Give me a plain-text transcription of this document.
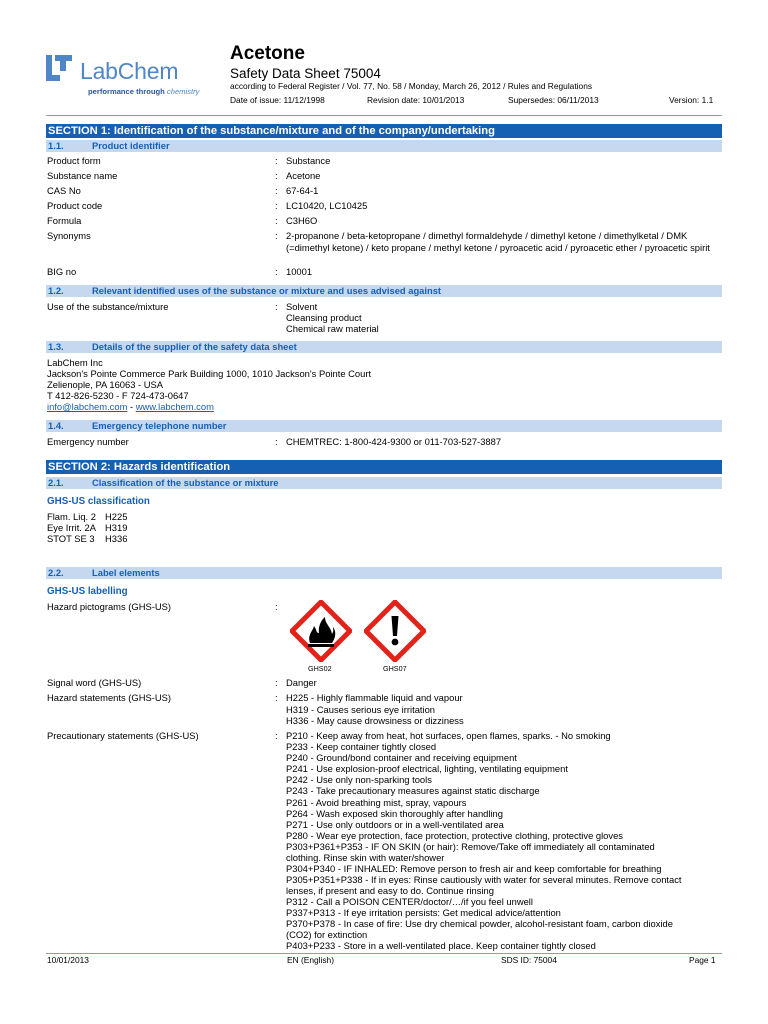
LabChem
performance through chemistry
Acetone
Safety Data Sheet 75004
according to Federal Register / Vol. 77, No. 58 / Monday, March 26, 2012 / Rules and Regulations
Date of issue: 11/12/1998	Revision date: 10/01/2013	Supersedes: 06/11/2013	Version: 1.1
SECTION 1: Identification of the substance/mixture and of the company/undertaking
1.1.	Product identifier
Product form	: Substance
Substance name	: Acetone
CAS No	: 67-64-1
Product code	: LC10420, LC10425
Formula	: C3H6O
Synonyms	: 2-propanone / beta-ketopropane / dimethyl formaldehyde / dimethyl ketone / dimethylketal / DMK (=dimethyl ketone) / keto propane / methyl ketone / pyroacetic acid / pyroacetic ether / pyroacetic spirit
BIG no	: 10001
1.2.	Relevant identified uses of the substance or mixture and uses advised against
Use of the substance/mixture	: Solvent
Cleansing product
Chemical raw material
1.3.	Details of the supplier of the safety data sheet
LabChem Inc
Jackson's Pointe Commerce Park Building 1000, 1010 Jackson's Pointe Court
Zelienople, PA 16063 - USA
T 412-826-5230 - F 724-473-0647
info@labchem.com - www.labchem.com
1.4.	Emergency telephone number
Emergency number	: CHEMTREC: 1-800-424-9300 or 011-703-527-3887
SECTION 2: Hazards identification
2.1.	Classification of the substance or mixture
GHS-US classification
Flam. Liq. 2 H225
Eye Irrit. 2A H319
STOT SE 3 H336
2.2.	Label elements
GHS-US labelling
Hazard pictograms (GHS-US)	:
GHS02	GHS07
Signal word (GHS-US)	: Danger
Hazard statements (GHS-US)	: H225 - Highly flammable liquid and vapour
H319 - Causes serious eye irritation
H336 - May cause drowsiness or dizziness
Precautionary statements (GHS-US)	: P210 - Keep away from heat, hot surfaces, open flames, sparks. - No smoking
P233 - Keep container tightly closed
P240 - Ground/bond container and receiving equipment
P241 - Use explosion-proof electrical, lighting, ventilating equipment
P242 - Use only non-sparking tools
P243 - Take precautionary measures against static discharge
P261 - Avoid breathing mist, spray, vapours
P264 - Wash exposed skin thoroughly after handling
P271 - Use only outdoors or in a well-ventilated area
P280 - Wear eye protection, face protection, protective clothing, protective gloves
P303+P361+P353 - IF ON SKIN (or hair): Remove/Take off immediately all contaminated
clothing. Rinse skin with water/shower
P304+P340 - IF INHALED: Remove person to fresh air and keep comfortable for breathing
P305+P351+P338 - If in eyes: Rinse cautiously with water for several minutes. Remove contact
lenses, if present and easy to do. Continue rinsing
P312 - Call a POISON CENTER/doctor/…/if you feel unwell
P337+P313 - If eye irritation persists: Get medical advice/attention
P370+P378 - In case of fire: Use dry chemical powder, alcohol-resistant foam, carbon dioxide
(CO2) for extinction
P403+P233 - Store in a well-ventilated place. Keep container tightly closed
10/01/2013	EN (English)	SDS ID: 75004	Page 1
